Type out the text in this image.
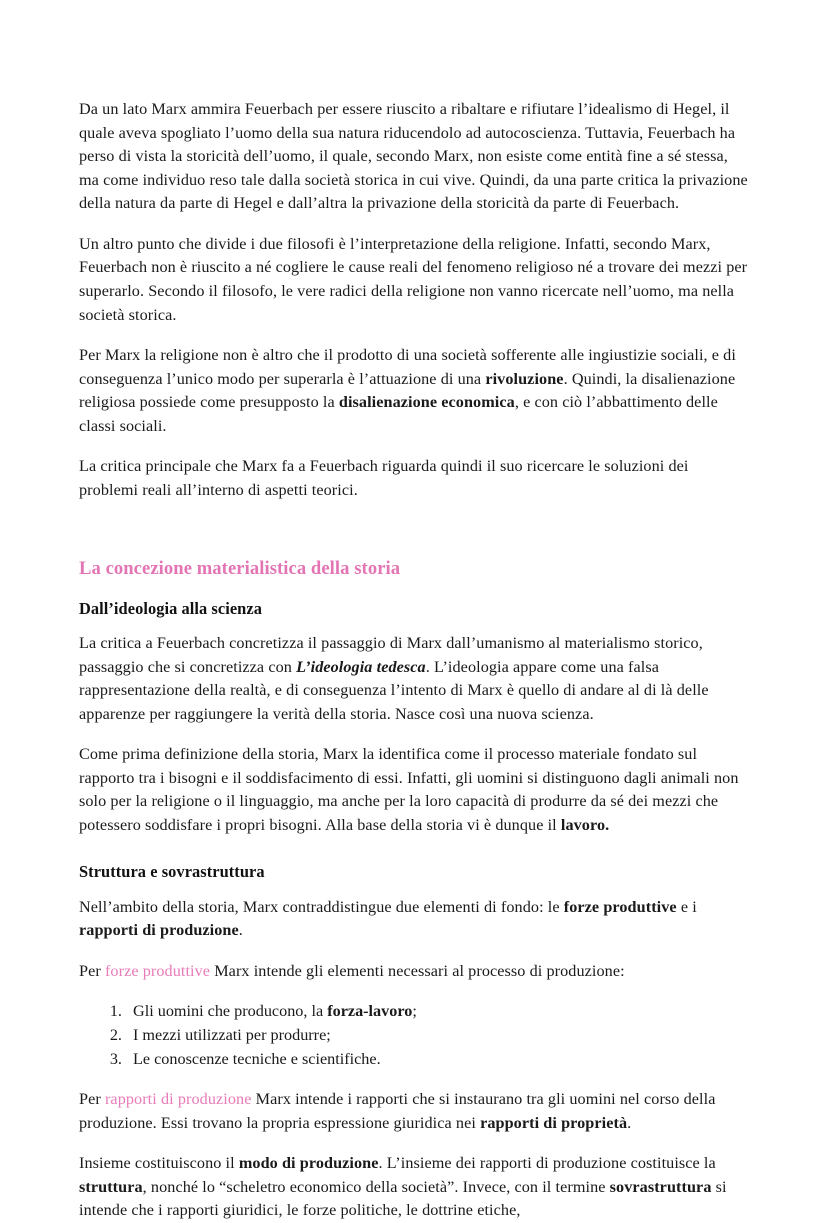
Da un lato Marx ammira Feuerbach per essere riuscito a ribaltare e rifiutare l’idealismo di Hegel, il quale aveva spogliato l’uomo della sua natura riducendolo ad autocoscienza. Tuttavia, Feuerbach ha perso di vista la storicità dell’uomo, il quale, secondo Marx, non esiste come entità fine a sé stessa, ma come individuo reso tale dalla società storica in cui vive. Quindi, da una parte critica la privazione della natura da parte di Hegel e dall’altra la privazione della storicità da parte di Feuerbach.

Un altro punto che divide i due filosofi è l’interpretazione della religione. Infatti, secondo Marx, Feuerbach non è riuscito a né cogliere le cause reali del fenomeno religioso né a trovare dei mezzi per superarlo. Secondo il filosofo, le vere radici della religione non vanno ricercate nell’uomo, ma nella società storica.

Per Marx la religione non è altro che il prodotto di una società sofferente alle ingiustizie sociali, e di conseguenza l’unico modo per superarla è l’attuazione di una rivoluzione. Quindi, la disalienazione religiosa possiede come presupposto la disalienazione economica, e con ciò l’abbattimento delle classi sociali.

La critica principale che Marx fa a Feuerbach riguarda quindi il suo ricercare le soluzioni dei problemi reali all’interno di aspetti teorici.

La concezione materialistica della storia
Dall’ideologia alla scienza

La critica a Feuerbach concretizza il passaggio di Marx dall’umanismo al materialismo storico, passaggio che si concretizza con L’ideologia tedesca. L’ideologia appare come una falsa rappresentazione della realtà, e di conseguenza l’intento di Marx è quello di andare al di là delle apparenze per raggiungere la verità della storia. Nasce così una nuova scienza.

Come prima definizione della storia, Marx la identifica come il processo materiale fondato sul rapporto tra i bisogni e il soddisfacimento di essi. Infatti, gli uomini si distinguono dagli animali non solo per la religione o il linguaggio, ma anche per la loro capacità di produrre da sé dei mezzi che potessero soddisfare i propri bisogni. Alla base della storia vi è dunque il lavoro.

Struttura e sovrastruttura

Nell’ambito della storia, Marx contraddistingue due elementi di fondo: le forze produttive e i rapporti di produzione.

Per forze produttive Marx intende gli elementi necessari al processo di produzione:

1. Gli uomini che producono, la forza-lavoro;
2. I mezzi utilizzati per produrre;
3. Le conoscenze tecniche e scientifiche.

Per rapporti di produzione Marx intende i rapporti che si instaurano tra gli uomini nel corso della produzione. Essi trovano la propria espressione giuridica nei rapporti di proprietà.

Insieme costituiscono il modo di produzione. L’insieme dei rapporti di produzione costituisce la struttura, nonché lo “scheletro economico della società”. Invece, con il termine sovrastruttura si intende che i rapporti giuridici, le forze politiche, le dottrine etiche,
